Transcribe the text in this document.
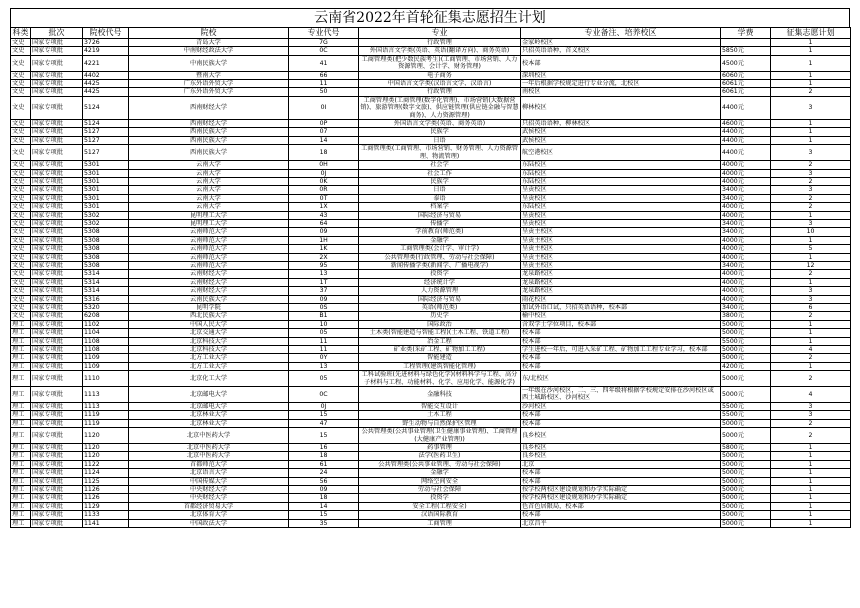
云南省2022年首轮征集志愿招生计划
科类	批次	院校代号	院校	专业代号	专业	专业备注、培养校区	学费	征集志愿计划
文史	国家专项批	3726	青岛大学	7G	行政管理	金家岭校区		1
文史	国家专项批	4219	中南财经政法大学	0C	外国语言文学类(英语、英语(翻译方向)、商务英语)	只招英语语种，首义校区	5850元	1
文史	国家专项批	4221	中南民族大学	41	工商管理类(把少数民族考生)(工商管理、市场营销、人力资源管理、会计学、财务管理)	校本部	4500元	1
文史	国家专项批	4402	暨南大学	66	电子商务	深圳校区	6060元	1
文史	国家专项批	4425	广东外语外贸大学	11	中国语言文学类(汉语言文学、汉语言)	一年后根据学校规定进行专业分流，北校区	6061元	1
文史	国家专项批	4425	广东外语外贸大学	50	行政管理	南校区	6061元	2
文史	国家专项批	5124	西南财经大学	0I	工商管理类(工商管理(数字化管理)、市场营销(大数据营销)、旅游管理(数字文旅)、供应链管理(供应链金融与智慧商务)、人力资源管理)	柳林校区	4400元	3
文史	国家专项批	5124	西南财经大学	0P	外国语言文学类(英语、商务英语)	只招英语语种，柳林校区	4600元	1
文史	国家专项批	5127	西南民族大学	07	民族学	武侯校区	4400元	1
文史	国家专项批	5127	西南民族大学	14	日语	武侯校区	4400元	1
文史	国家专项批	5127	西南民族大学	18	工商管理类(工商管理、市场营销、财务管理、人力资源管理、物流管理)	航空港校区	4400元	3
文史	国家专项批	5301	云南大学	0H	社会学	东陆校区	4000元	2
文史	国家专项批	5301	云南大学	0J	社会工作	东陆校区	4000元	3
文史	国家专项批	5301	云南大学	0K	民族学	东陆校区	4000元	2
文史	国家专项批	5301	云南大学	0R	日语	呈贡校区	3400元	3
文史	国家专项批	5301	云南大学	0T	泰语	呈贡校区	3400元	2
文史	国家专项批	5301	云南大学	1X	档案学	东陆校区	4000元	2
文史	国家专项批	5302	昆明理工大学	43	国际经济与贸易	呈贡校区	4000元	1
文史	国家专项批	5302	昆明理工大学	64	传播学	呈贡校区	3400元	3
文史	国家专项批	5308	云南师范大学	09	学前教育(师范类)	呈贡主校区	3400元	10
文史	国家专项批	5308	云南师范大学	1H	金融学	呈贡主校区	4000元	1
文史	国家专项批	5308	云南师范大学	1K	工商管理类(会计学、审计学)	呈贡主校区	4000元	5
文史	国家专项批	5308	云南师范大学	2X	公共管理类(行政管理、劳动与社会保障)	呈贡主校区	4000元	1
文史	国家专项批	5308	云南师范大学	95	新闻传播学类(新闻学、广播电视学)	呈贡主校区	3400元	12
文史	国家专项批	5314	云南财经大学	13	投资学	龙泉路校区	4000元	2
文史	国家专项批	5314	云南财经大学	1T	经济统计学	龙泉路校区	4000元	1
文史	国家专项批	5314	云南财经大学	37	人力资源管理	龙泉路校区	4000元	3
文史	国家专项批	5316	云南民族大学	09	国际经济与贸易	雨花校区	4000元	3
文史	国家专项批	5320	昆明学院	0S	英语(师范类)	加试外语口试，只招英语语种，校本部	3400元	6
文史	国家专项批	6208	西北民族大学	B1	历史学	榆中校区	3800元	2
理工	国家专项批	1102	中国人民大学	10	国际政治	含双学士学位项目，校本部	5000元	1
理工	国家专项批	1104	北京交通大学	05	土木类(智能建造与智能工程)(土木工程、铁道工程)	校本部	5000元	1
理工	国家专项批	1108	北京科技大学	11	冶金工程	校本部	5500元	1
理工	国家专项批	1108	北京科技大学	11	矿业类(采矿工程、矿物加工工程)	学生进校一年后，可进入采矿工程、矿物加工工程专业学习，校本部	5000元	4
理工	国家专项批	1109	北方工业大学	0Y	智能建造	校本部	5000元	2
理工	国家专项批	1109	北方工业大学	13	工程管理(建筑智能化管理)	校本部	4200元	1
理工	国家专项批	1110	北京化工大学	05	工科试验班(先进材料与绿色化学)(材料科学与工程、高分子材料与工程、功能材料、化学、应用化学、能源化学)	东/北校区	5000元	2
理工	国家专项批	1113	北京邮电大学	0C	金融科技	一年级在沙河校区，二、三、四年级将根据学校规定安排在沙河校区或西土城路校区、沙河校区	5000元	4
理工	国家专项批	1113	北京邮电大学	0J	智能交互设计	沙河校区	5500元	3
理工	国家专项批	1119	北京林业大学	15	土木工程	校本部	5500元	3
理工	国家专项批	1119	北京林业大学	47	野生动物与自然保护区管理	校本部	5000元	2
理工	国家专项批	1120	北京中医药大学	15	公共管理类(公共事业管理(卫生健康事业管理)、工商管理(大健康产业管理))	良乡校区	5000元	2
理工	国家专项批	1120	北京中医药大学	16	药事管理	良乡校区	5800元	1
理工	国家专项批	1120	北京中医药大学	18	法学(医药卫生)	良乡校区	5000元	1
理工	国家专项批	1122	首都师范大学	61	公共管理类(公共事业管理、劳动与社会保障)	北京	5000元	1
理工	国家专项批	1124	北京语言大学	24	金融学	校本部	5000元	1
理工	国家专项批	1125	中国传媒大学	56	网络空间安全	校本部	5000元	1
理工	国家专项批	1126	中央财经大学	09	劳动与社会保障	按学校两校区建设规划和办学实际确定	5000元	1
理工	国家专项批	1126	中央财经大学	18	投资学	按学校两校区建设规划和办学实际确定	5000元	1
理工	国家专项批	1129	首都经济贸易大学	14	安全工程(工程安全)	色首色居限局，校本部	5000元	1
理工	国家专项批	1133	北京体育大学	15	汉语国际教育	校本部	5000元	1
理工	国家专项批	1141	中国政法大学	35	工商管理	北京昌平	5000元	1
